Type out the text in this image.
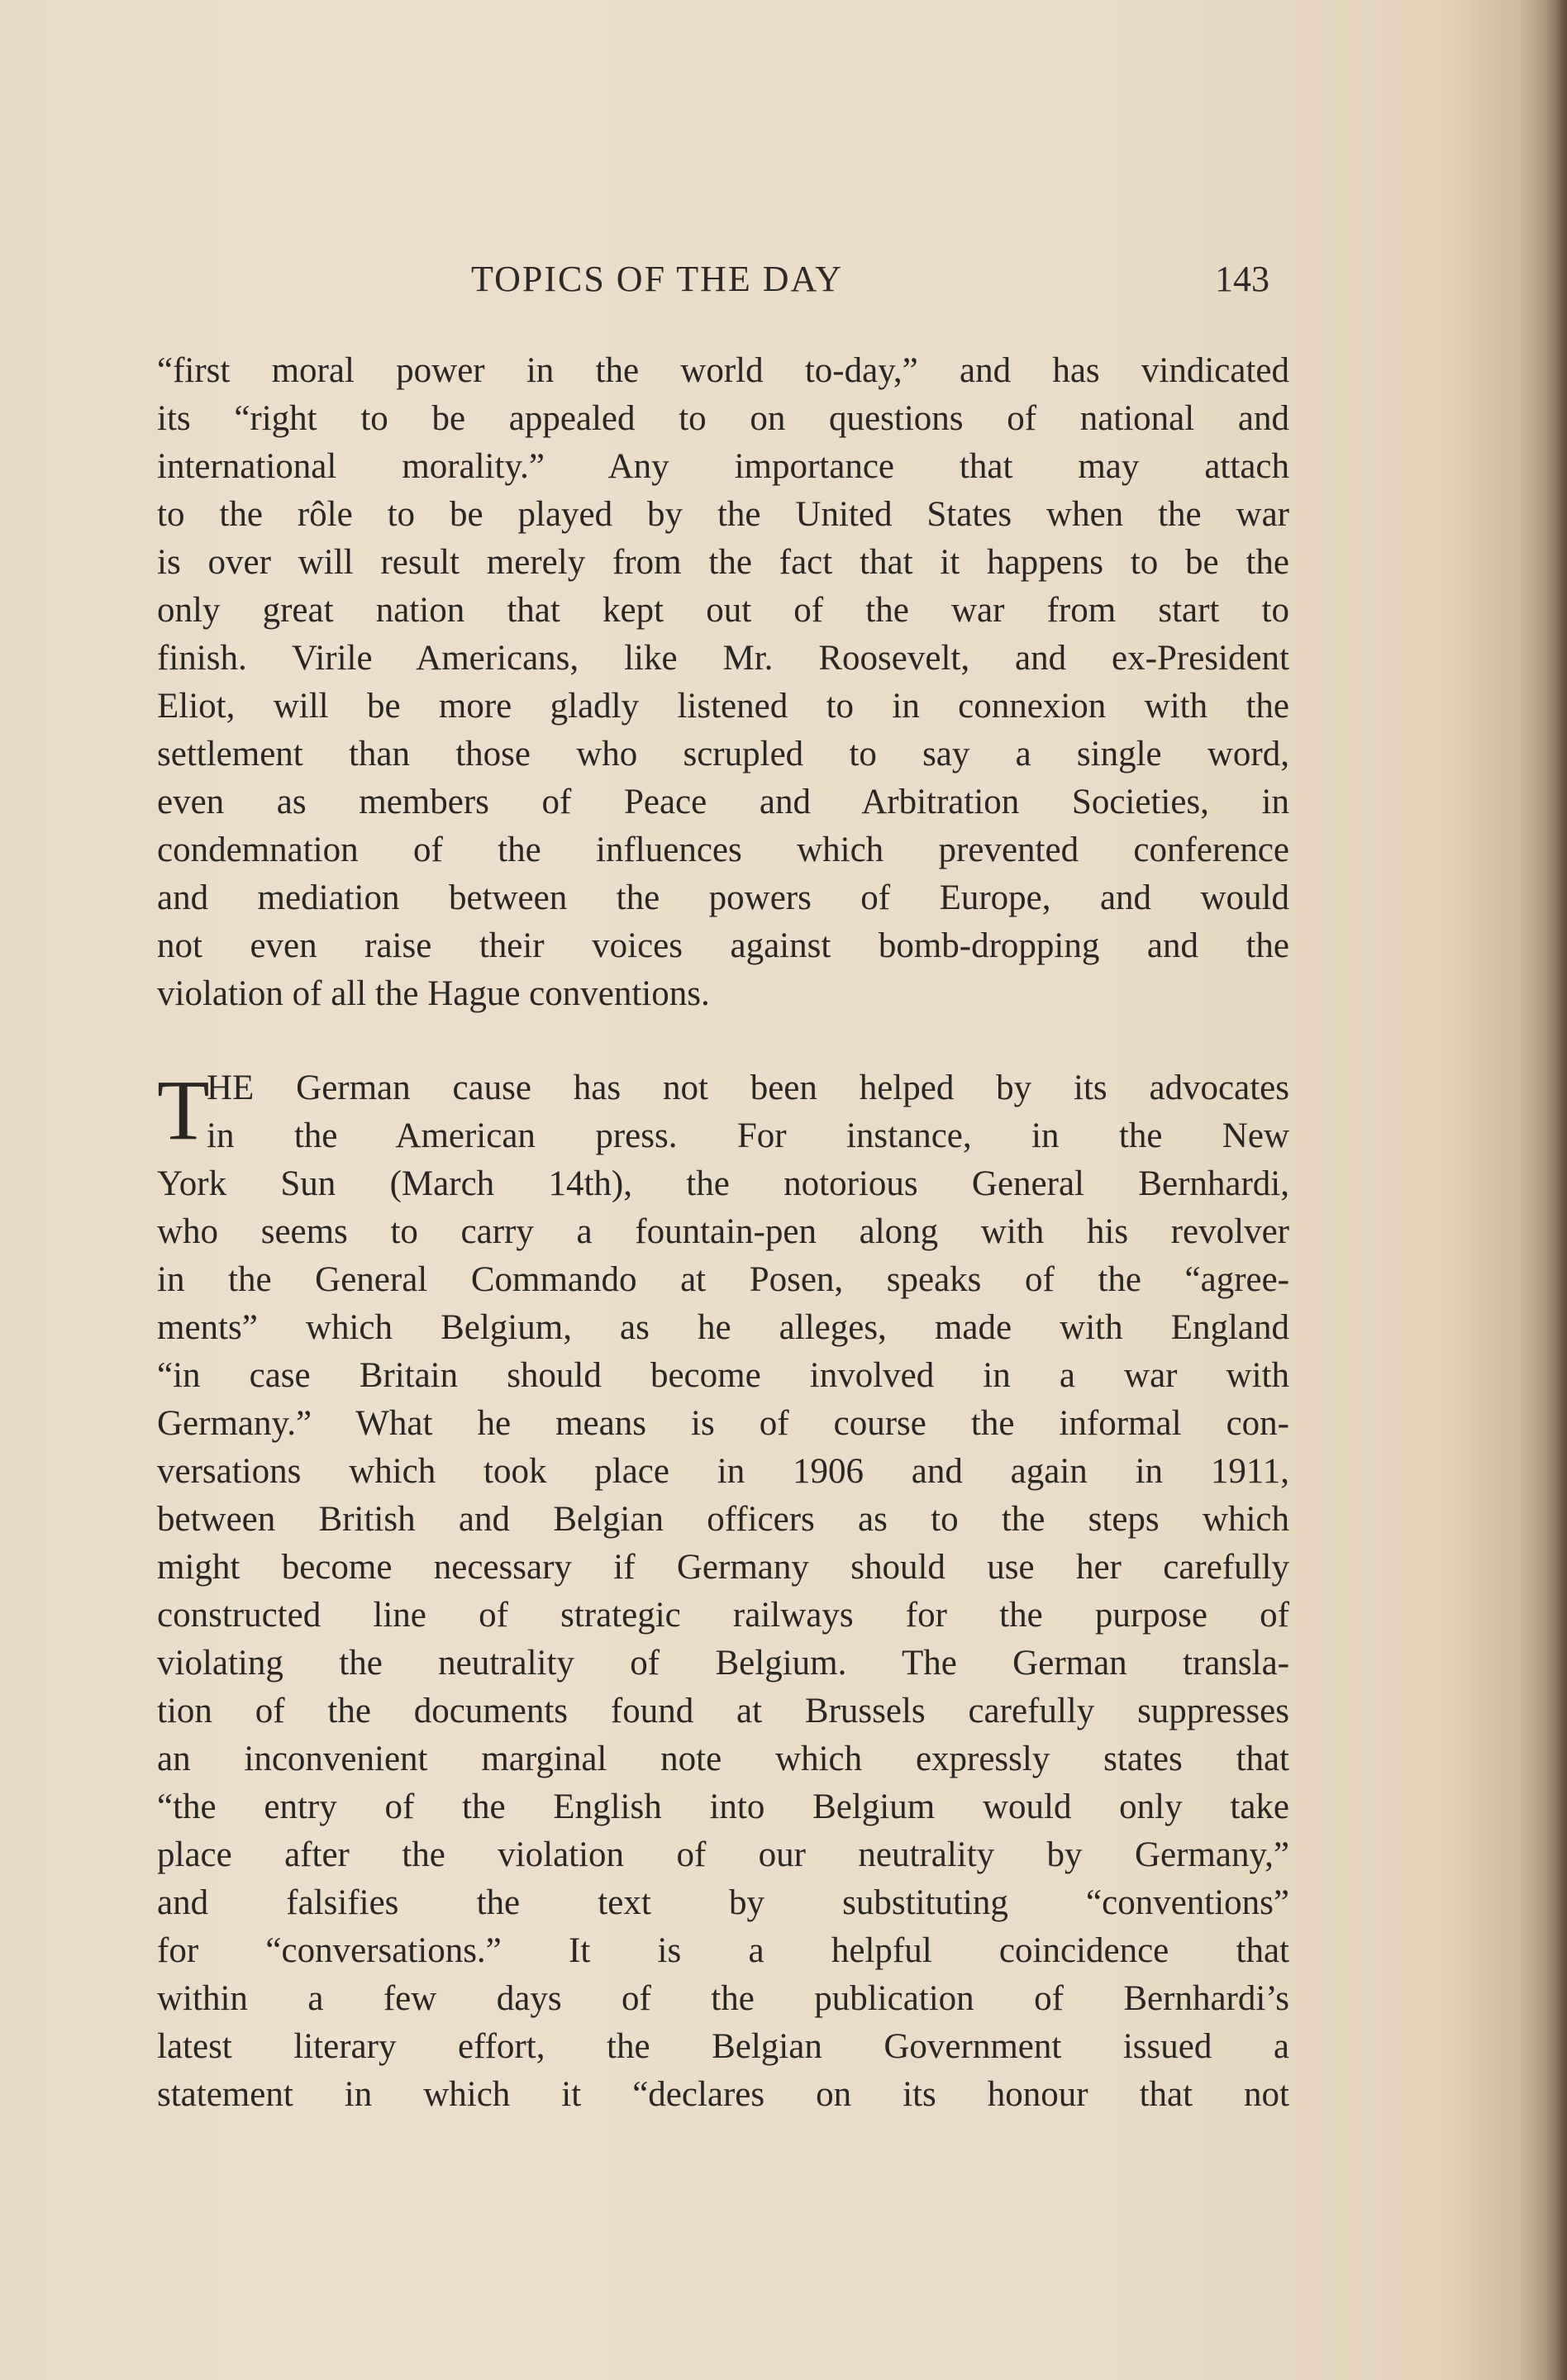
TOPICS OF THE DAY	143
“first moral power in the world to-day,” and has vindicated
its “right to be appealed to on questions of national and
international morality.” Any importance that may attach
to the rôle to be played by the United States when the war
is over will result merely from the fact that it happens to be the
only great nation that kept out of the war from start to
finish. Virile Americans, like Mr. Roosevelt, and ex-President
Eliot, will be more gladly listened to in connexion with the
settlement than those who scrupled to say a single word,
even as members of Peace and Arbitration Societies, in
condemnation of the influences which prevented conference
and mediation between the powers of Europe, and would
not even raise their voices against bomb-dropping and the
violation of all the Hague conventions.
T
HE German cause has not been helped by its advocates
in the American press. For instance, in the New
York Sun (March 14th), the notorious General Bernhardi,
who seems to carry a fountain-pen along with his revolver
in the General Commando at Posen, speaks of the “agree-
ments” which Belgium, as he alleges, made with England
“in case Britain should become involved in a war with
Germany.” What he means is of course the informal con-
versations which took place in 1906 and again in 1911,
between British and Belgian officers as to the steps which
might become necessary if Germany should use her carefully
constructed line of strategic railways for the purpose of
violating the neutrality of Belgium. The German transla-
tion of the documents found at Brussels carefully suppresses
an inconvenient marginal note which expressly states that
“the entry of the English into Belgium would only take
place after the violation of our neutrality by Germany,”
and falsifies the text by substituting “conventions”
for “conversations.” It is a helpful coincidence that
within a few days of the publication of Bernhardi’s
latest literary effort, the Belgian Government issued a
statement in which it “declares on its honour that not
